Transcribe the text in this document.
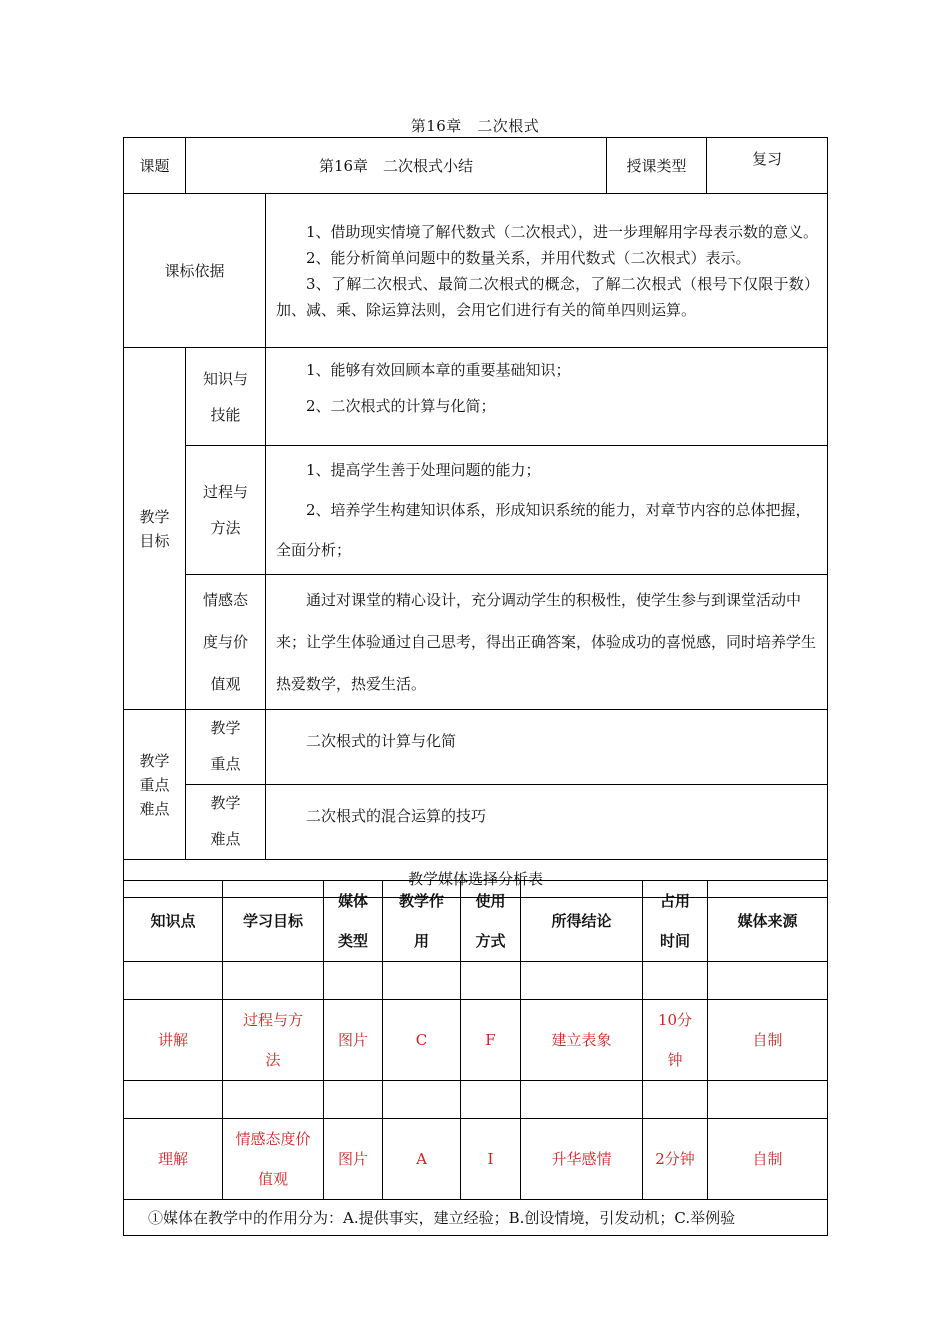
第16章　二次根式
课题	第16章　二次根式小结		授课类型	复习
课标依据		1、借助现实情境了解代数式（二次根式），进一步理解用字母表示数的意义。

2、能分析简单问题中的数量关系，并用代数式（二次根式）表示。

3、了解二次根式、最简二次根式的概念，了解二次根式（根号下仅限于数）加、减、乘、除运算法则，会用它们进行有关的简单四则运算。		

教学目标	知识与技能	1、能够有效回顾本章的重要基础知识；

2、二次根式的计算与化简；		

	过程与方法	1、提高学生善于处理问题的能力；

2、培养学生构建知识体系，形成知识系统的能力，对章节内容的总体把握，全面分析；		

	情感态度与价值观	通过对课堂的精心设计，充分调动学生的积极性，使学生参与到课堂活动中来；让学生体验通过自己思考，得出正确答案，体验成功的喜悦感，同时培养学生热爱数学，热爱生活。		

教学重点难点	教学重点	二次根式的计算与化简		
	教学难点	二次根式的混合运算的技巧		
教学媒体选择分析表				
知识点	学习目标	媒体类型	教学作用	使用方式	所得结论	占用时间	媒体来源

讲解	过程与方法	图片	C	F	建立表象	10分钟	自制

理解	情感态度价值观	图片	A	I	升华感情	2分钟	自制
①媒体在教学中的作用分为：A.提供事实，建立经验；B.创设情境，引发动机；C.举例验							
